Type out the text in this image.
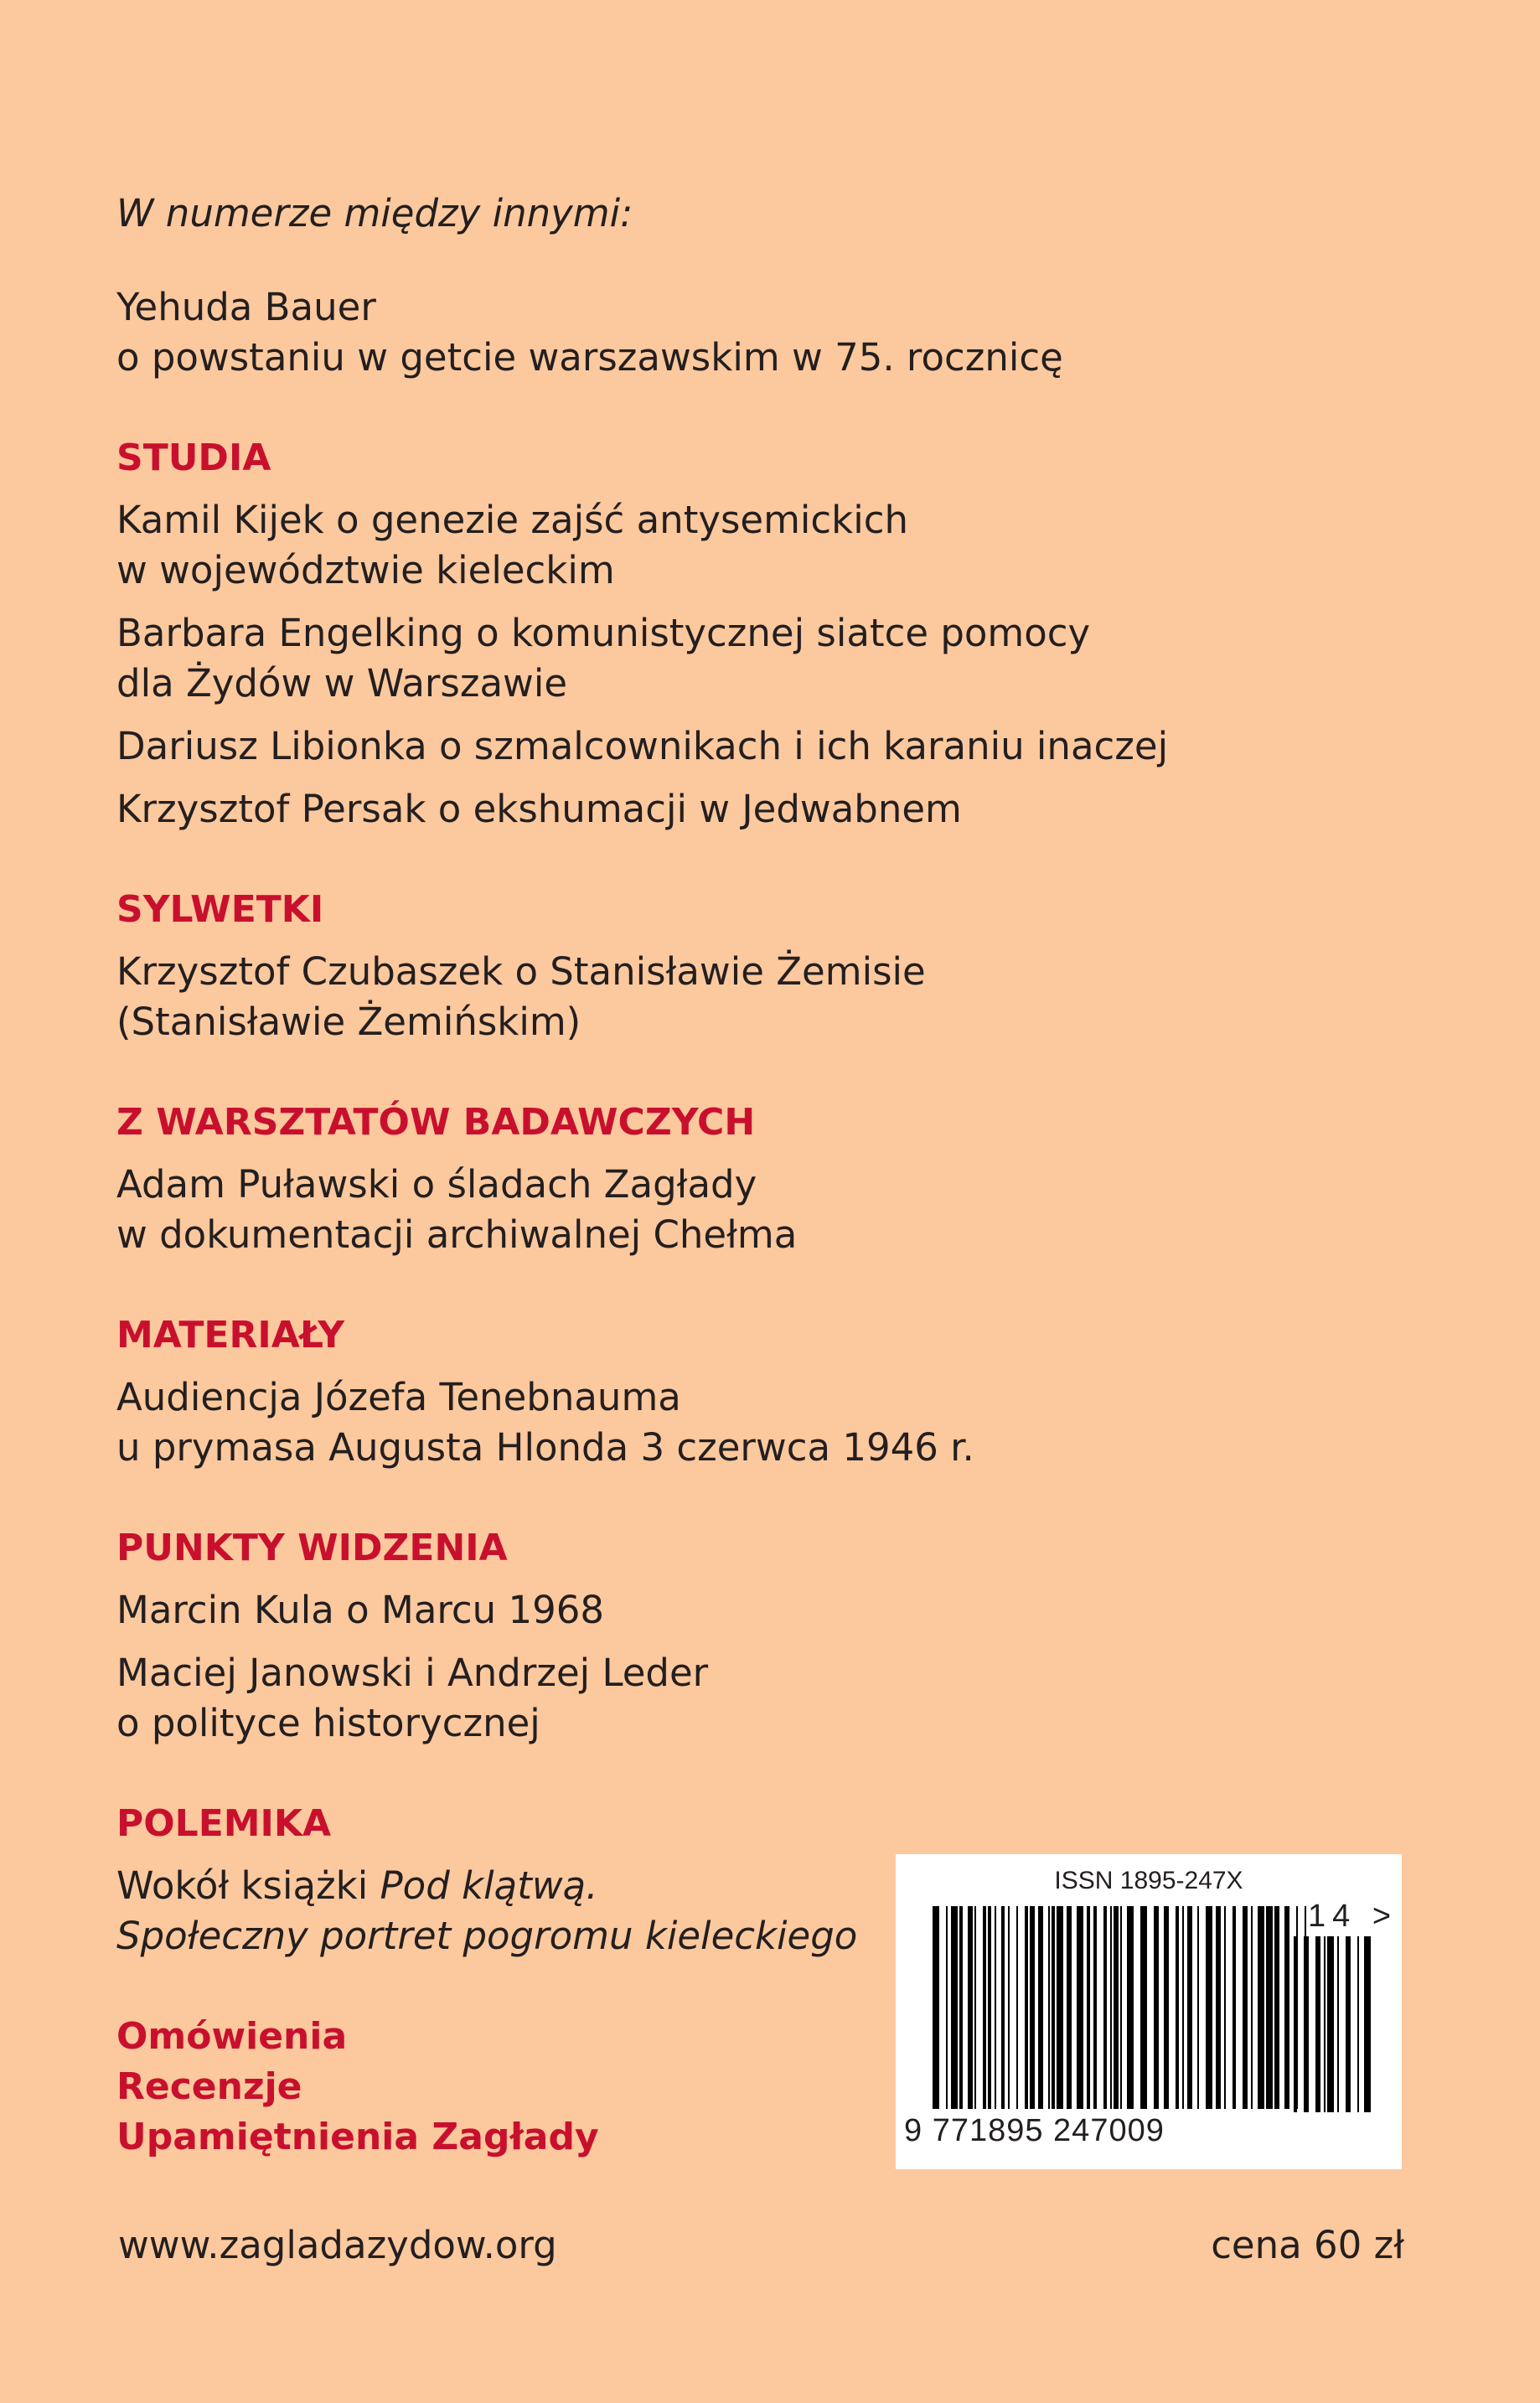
W numerze między innymi:
Yehuda Bauer
o powstaniu w getcie warszawskim w 75. rocznicę
STUDIA
Kamil Kijek o genezie zajść antysemickich
w województwie kieleckim
Barbara Engelking o komunistycznej siatce pomocy
dla Żydów w Warszawie
Dariusz Libionka o szmalcownikach i ich karaniu inaczej
Krzysztof Persak o ekshumacji w Jedwabnem
SYLWETKI
Krzysztof Czubaszek o Stanisławie Żemisie
(Stanisławie Żemińskim)
Z WARSZTATÓW BADAWCZYCH
Adam Puławski o śladach Zagłady
w dokumentacji archiwalnej Chełma
MATERIAŁY
Audiencja Józefa Tenebnauma
u prymasa Augusta Hlonda 3 czerwca 1946 r.
PUNKTY WIDZENIA
Marcin Kula o Marcu 1968
Maciej Janowski i Andrzej Leder
o polityce historycznej
POLEMIKA
Wokół książki Pod klątwą.
Społeczny portret pogromu kieleckiego
Omówienia
Recenzje
Upamiętnienia Zagłady
ISSN 1895-247X
9 771895 247009
14 >
www.zagladazydow.org	cena 60 zł
